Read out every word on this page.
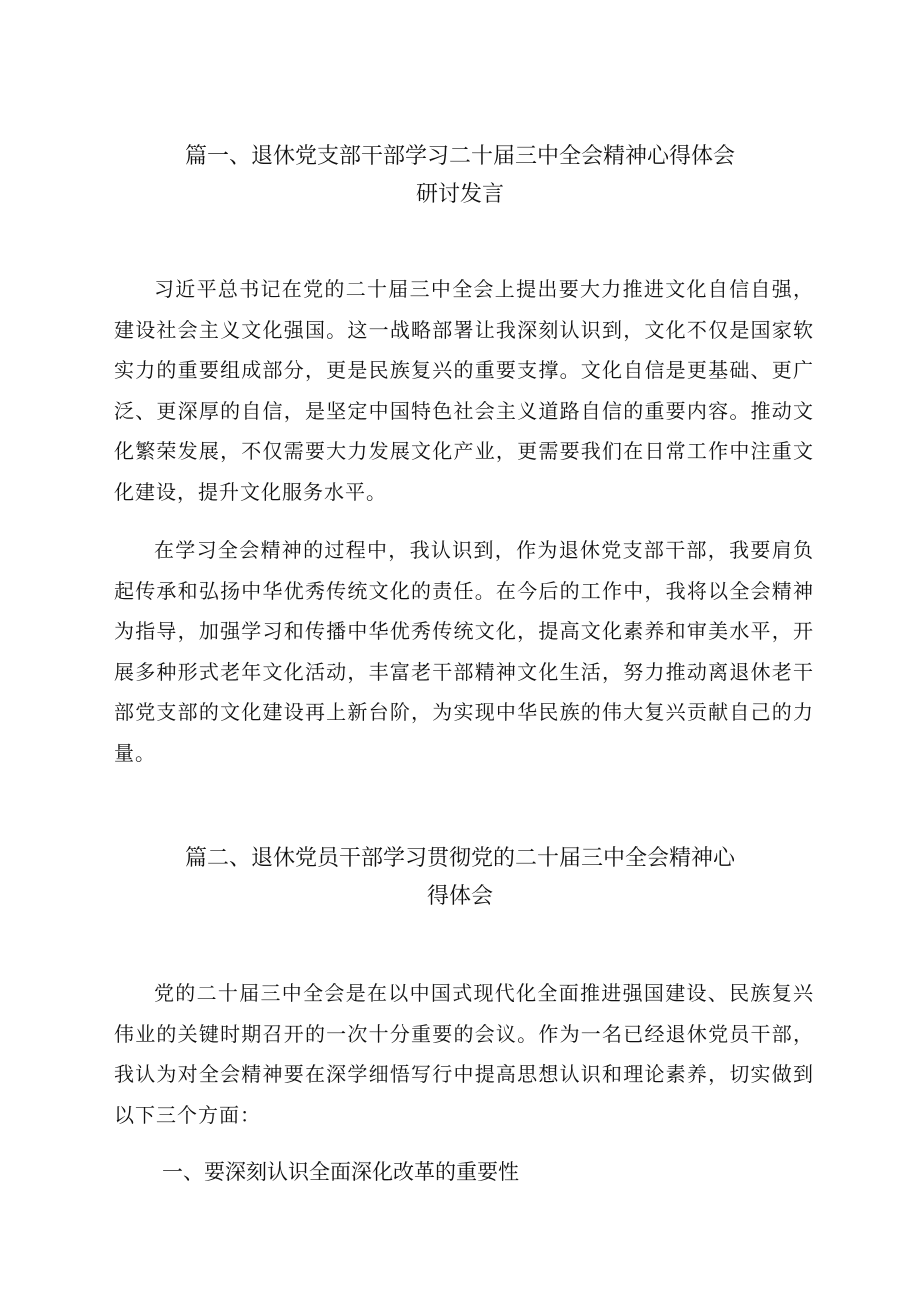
篇一、退休党支部干部学习二十届三中全会精神心得体会
研讨发言

习近平总书记在党的二十届三中全会上提出要大力推进文化自信自强，建设社会主义文化强国。这一战略部署让我深刻认识到，文化不仅是国家软实力的重要组成部分，更是民族复兴的重要支撑。文化自信是更基础、更广泛、更深厚的自信，是坚定中国特色社会主义道路自信的重要内容。推动文化繁荣发展，不仅需要大力发展文化产业，更需要我们在日常工作中注重文化建设，提升文化服务水平。

在学习全会精神的过程中，我认识到，作为退休党支部干部，我要肩负起传承和弘扬中华优秀传统文化的责任。在今后的工作中，我将以全会精神为指导，加强学习和传播中华优秀传统文化，提高文化素养和审美水平，开展多种形式老年文化活动，丰富老干部精神文化生活，努力推动离退休老干部党支部的文化建设再上新台阶，为实现中华民族的伟大复兴贡献自己的力量。

篇二、退休党员干部学习贯彻党的二十届三中全会精神心
得体会

党的二十届三中全会是在以中国式现代化全面推进强国建设、民族复兴伟业的关键时期召开的一次十分重要的会议。作为一名已经退休党员干部，我认为对全会精神要在深学细悟写行中提高思想认识和理论素养，切实做到以下三个方面：

一、要深刻认识全面深化改革的重要性
